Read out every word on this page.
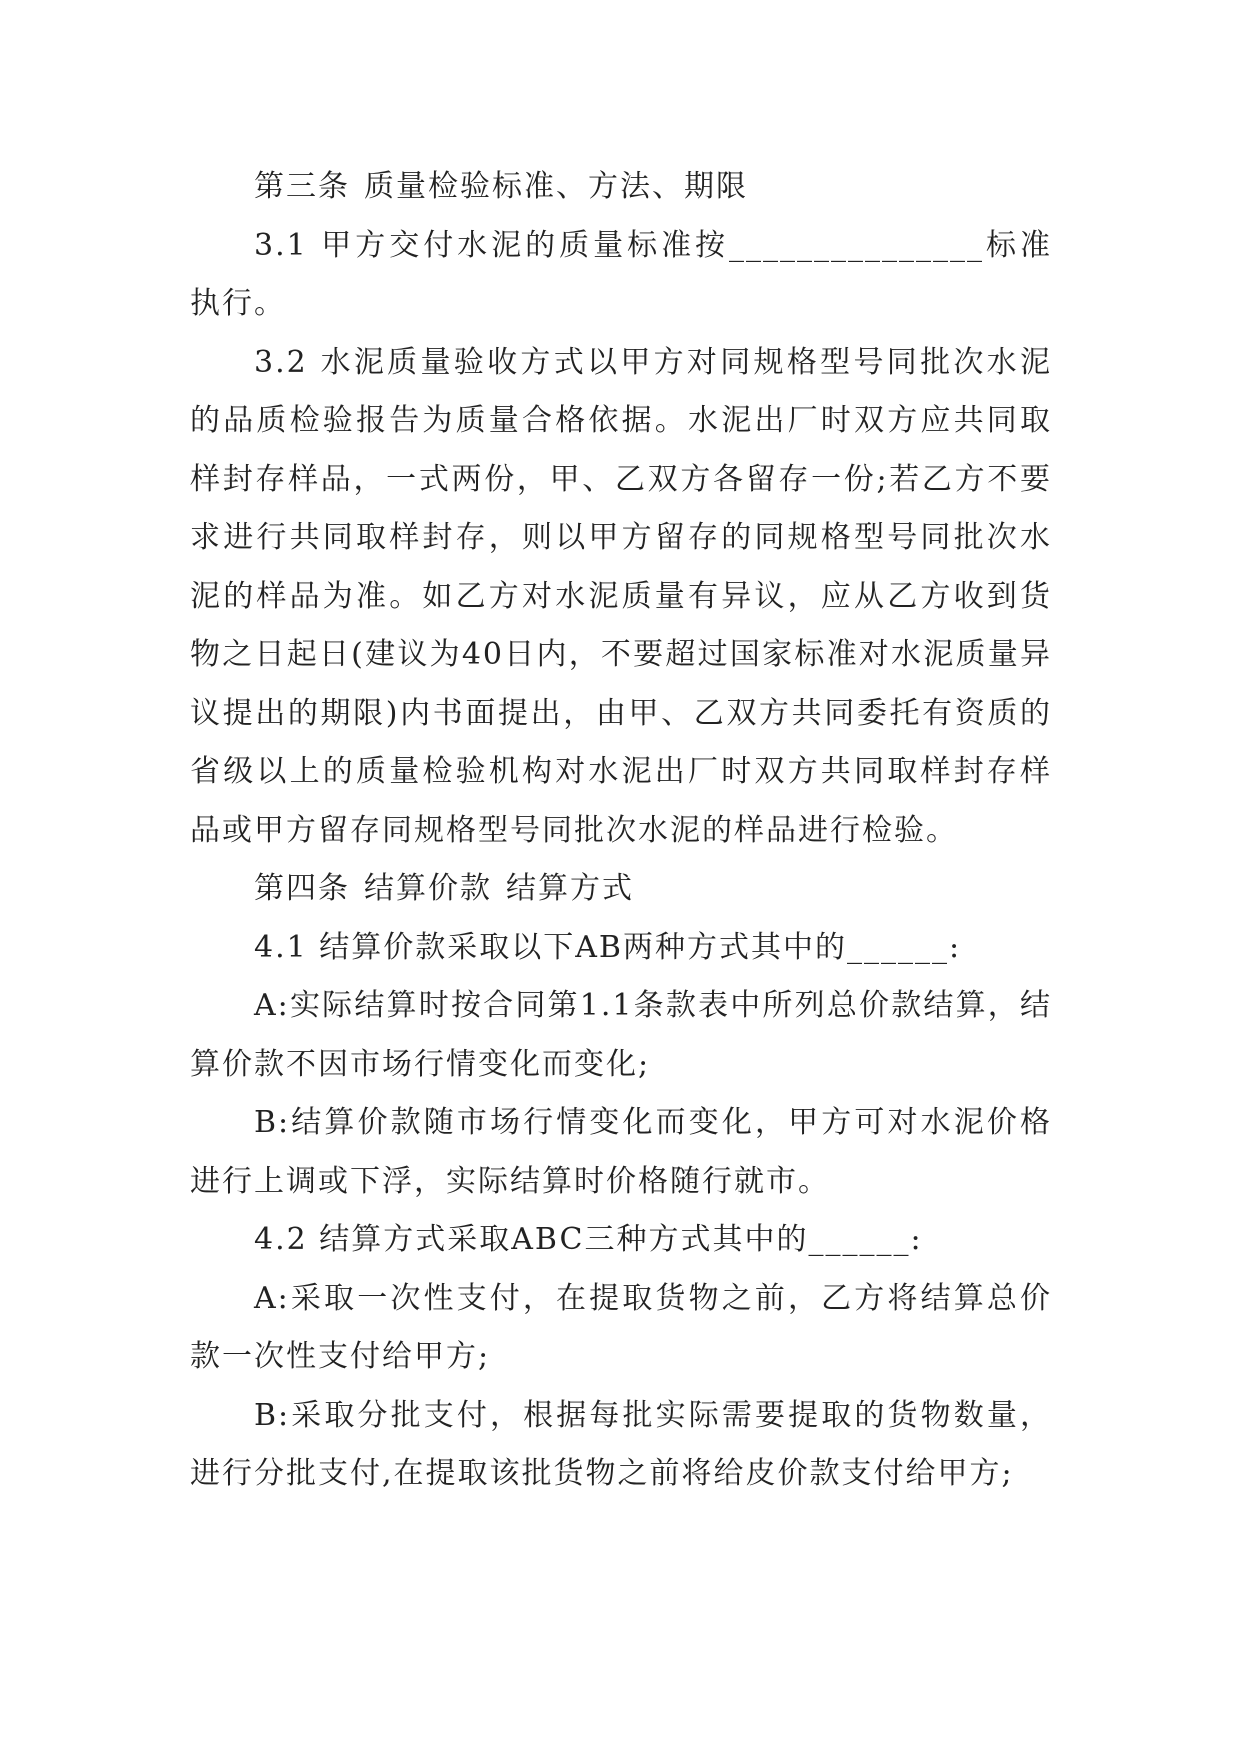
第三条 质量检验标准、方法、期限

3.1 甲方交付水泥的质量标准按_______________标准执行。

3.2 水泥质量验收方式以甲方对同规格型号同批次水泥的品质检验报告为质量合格依据。水泥出厂时双方应共同取样封存样品，一式两份，甲、乙双方各留存一份;若乙方不要求进行共同取样封存，则以甲方留存的同规格型号同批次水泥的样品为准。如乙方对水泥质量有异议，应从乙方收到货物之日起日(建议为40日内，不要超过国家标准对水泥质量异议提出的期限)内书面提出，由甲、乙双方共同委托有资质的省级以上的质量检验机构对水泥出厂时双方共同取样封存样品或甲方留存同规格型号同批次水泥的样品进行检验。

第四条 结算价款 结算方式

4.1 结算价款采取以下AB两种方式其中的______:

A:实际结算时按合同第1.1条款表中所列总价款结算，结算价款不因市场行情变化而变化;

B:结算价款随市场行情变化而变化，甲方可对水泥价格进行上调或下浮，实际结算时价格随行就市。

4.2 结算方式采取ABC三种方式其中的______:

A:采取一次性支付，在提取货物之前，乙方将结算总价款一次性支付给甲方;

B:采取分批支付，根据每批实际需要提取的货物数量，进行分批支付,在提取该批货物之前将给皮价款支付给甲方;
